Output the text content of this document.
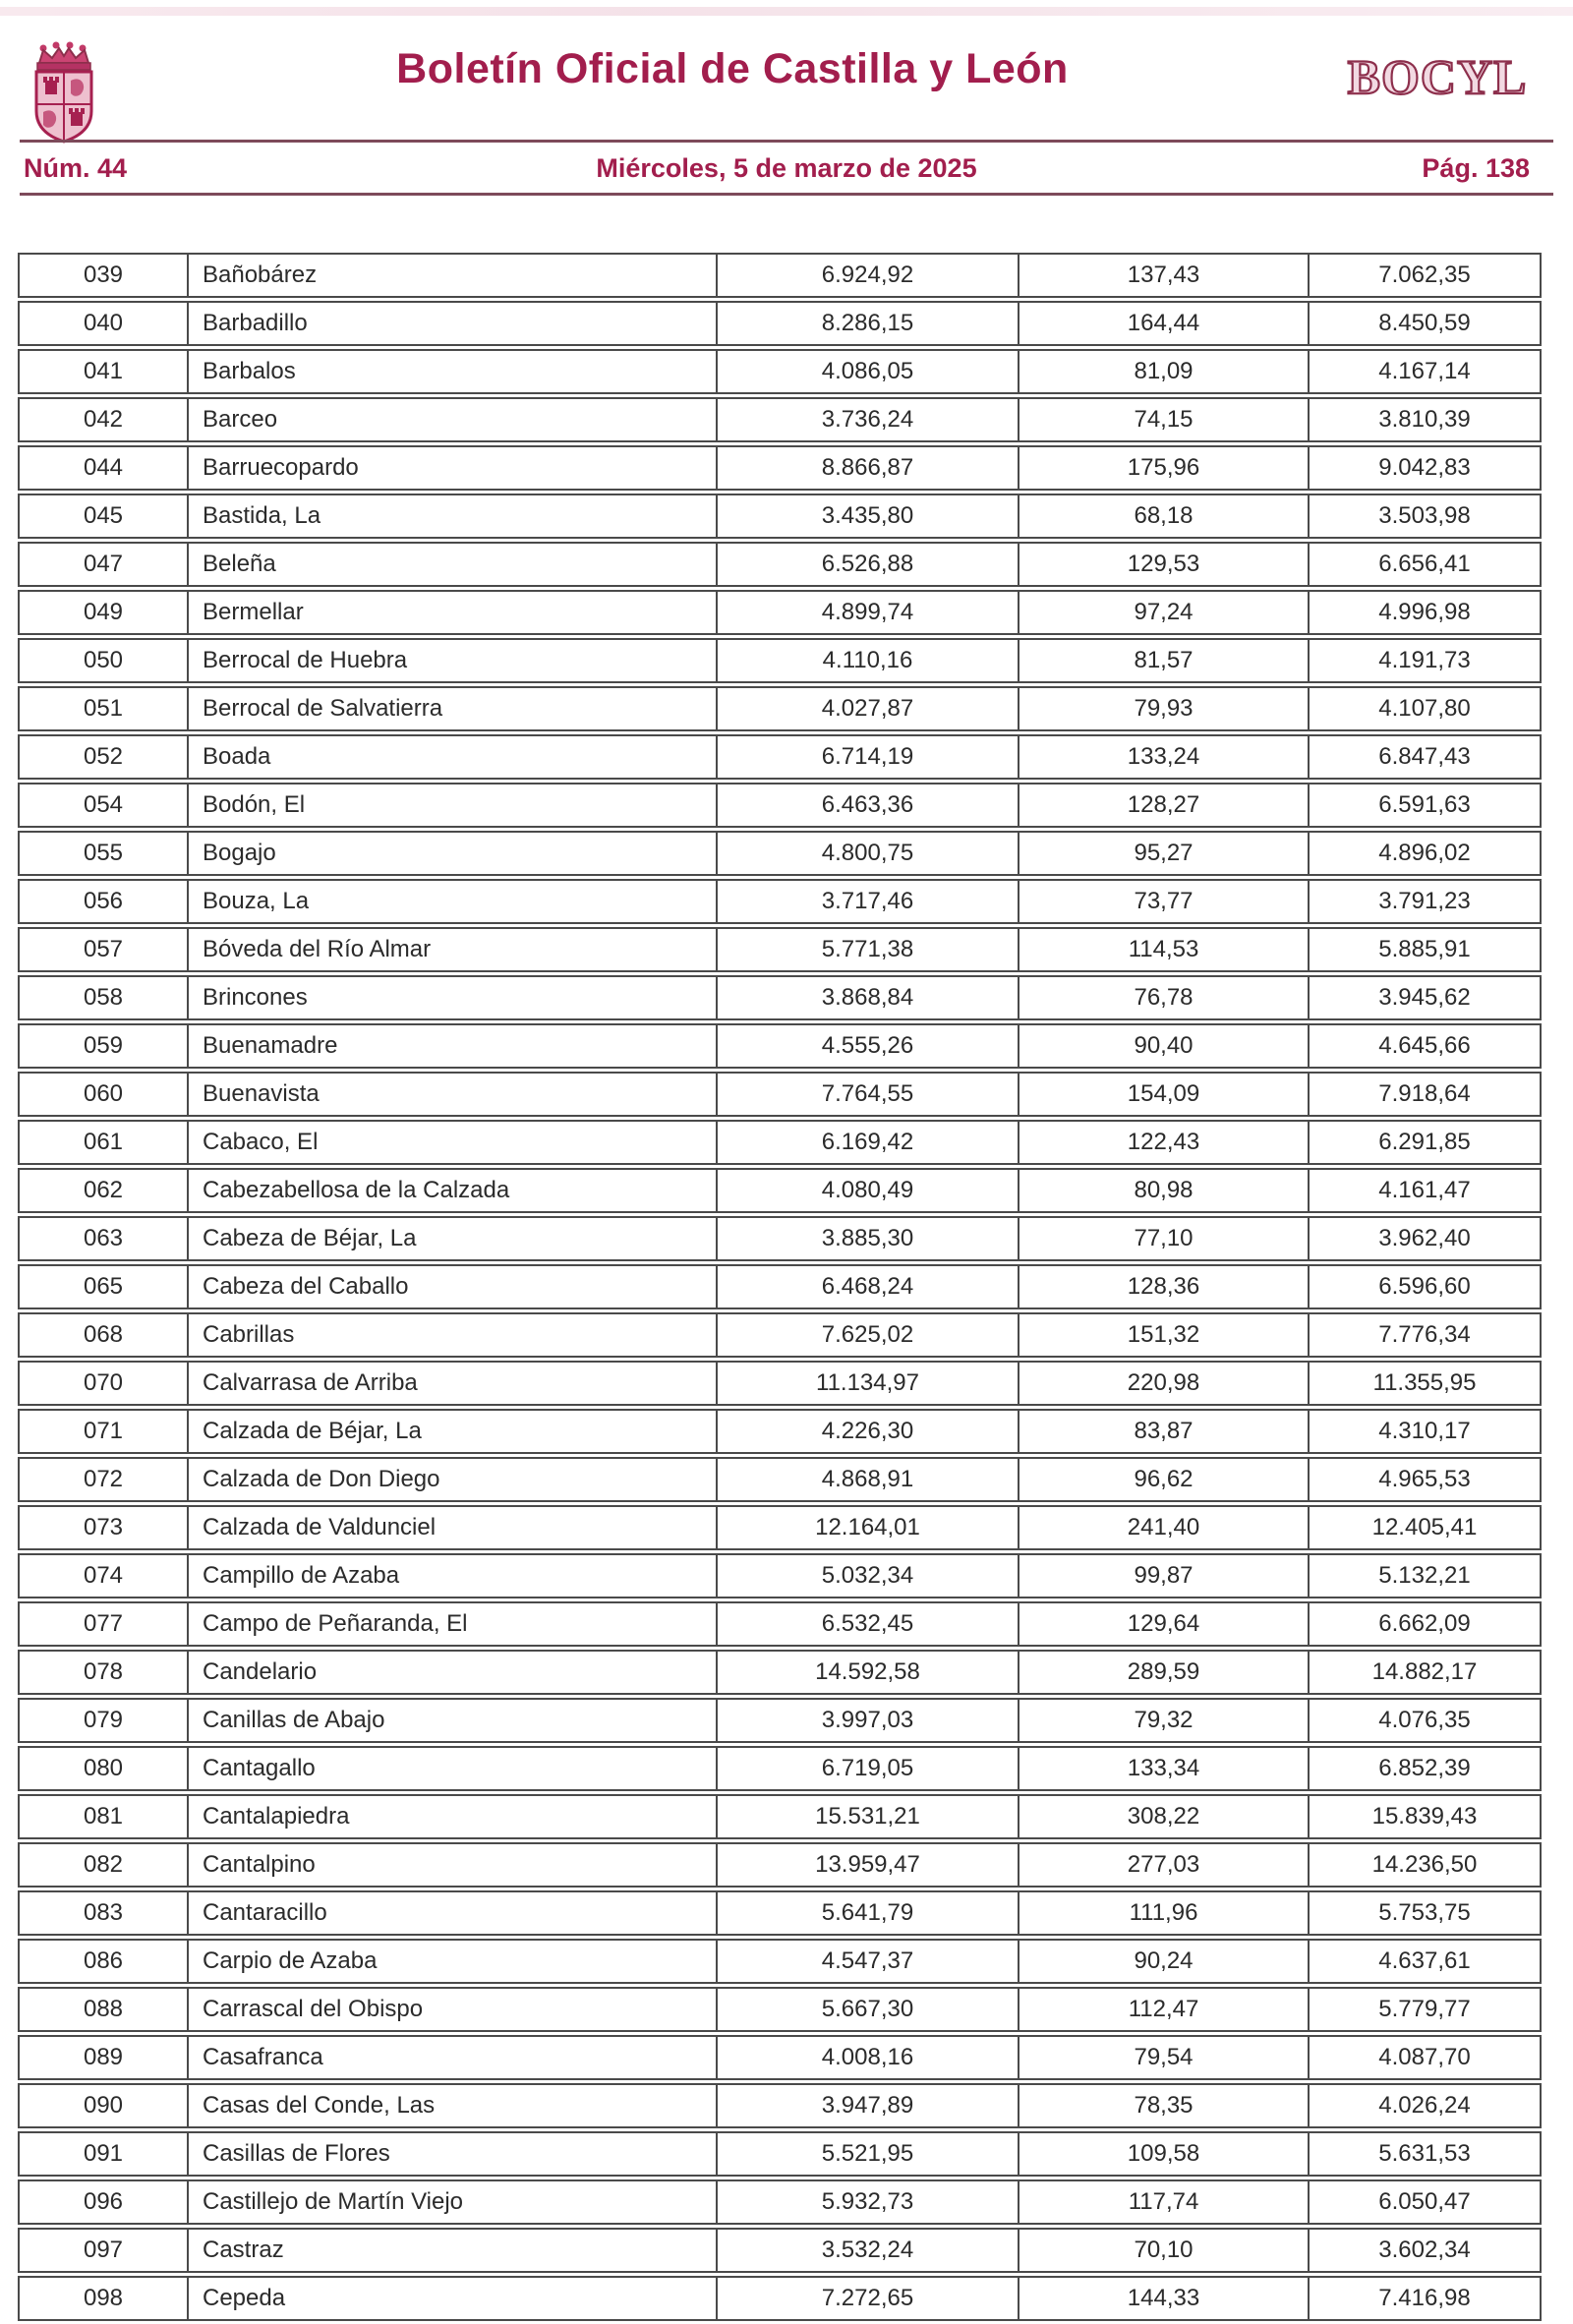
Boletín Oficial de Castilla y León	BOCYL
Núm. 44	Miércoles, 5 de marzo de 2025	Pág. 138
039	Bañobárez	6.924,92	137,43	7.062,35
040	Barbadillo	8.286,15	164,44	8.450,59
041	Barbalos	4.086,05	81,09	4.167,14
042	Barceo	3.736,24	74,15	3.810,39
044	Barruecopardo	8.866,87	175,96	9.042,83
045	Bastida, La	3.435,80	68,18	3.503,98
047	Beleña	6.526,88	129,53	6.656,41
049	Bermellar	4.899,74	97,24	4.996,98
050	Berrocal de Huebra	4.110,16	81,57	4.191,73
051	Berrocal de Salvatierra	4.027,87	79,93	4.107,80
052	Boada	6.714,19	133,24	6.847,43
054	Bodón, El	6.463,36	128,27	6.591,63
055	Bogajo	4.800,75	95,27	4.896,02
056	Bouza, La	3.717,46	73,77	3.791,23
057	Bóveda del Río Almar	5.771,38	114,53	5.885,91
058	Brincones	3.868,84	76,78	3.945,62
059	Buenamadre	4.555,26	90,40	4.645,66
060	Buenavista	7.764,55	154,09	7.918,64
061	Cabaco, El	6.169,42	122,43	6.291,85
062	Cabezabellosa de la Calzada	4.080,49	80,98	4.161,47
063	Cabeza de Béjar, La	3.885,30	77,10	3.962,40
065	Cabeza del Caballo	6.468,24	128,36	6.596,60
068	Cabrillas	7.625,02	151,32	7.776,34
070	Calvarrasa de Arriba	11.134,97	220,98	11.355,95
071	Calzada de Béjar, La	4.226,30	83,87	4.310,17
072	Calzada de Don Diego	4.868,91	96,62	4.965,53
073	Calzada de Valdunciel	12.164,01	241,40	12.405,41
074	Campillo de Azaba	5.032,34	99,87	5.132,21
077	Campo de Peñaranda, El	6.532,45	129,64	6.662,09
078	Candelario	14.592,58	289,59	14.882,17
079	Canillas de Abajo	3.997,03	79,32	4.076,35
080	Cantagallo	6.719,05	133,34	6.852,39
081	Cantalapiedra	15.531,21	308,22	15.839,43
082	Cantalpino	13.959,47	277,03	14.236,50
083	Cantaracillo	5.641,79	111,96	5.753,75
086	Carpio de Azaba	4.547,37	90,24	4.637,61
088	Carrascal del Obispo	5.667,30	112,47	5.779,77
089	Casafranca	4.008,16	79,54	4.087,70
090	Casas del Conde, Las	3.947,89	78,35	4.026,24
091	Casillas de Flores	5.521,95	109,58	5.631,53
096	Castillejo de Martín Viejo	5.932,73	117,74	6.050,47
097	Castraz	3.532,24	70,10	3.602,34
098	Cepeda	7.272,65	144,33	7.416,98
